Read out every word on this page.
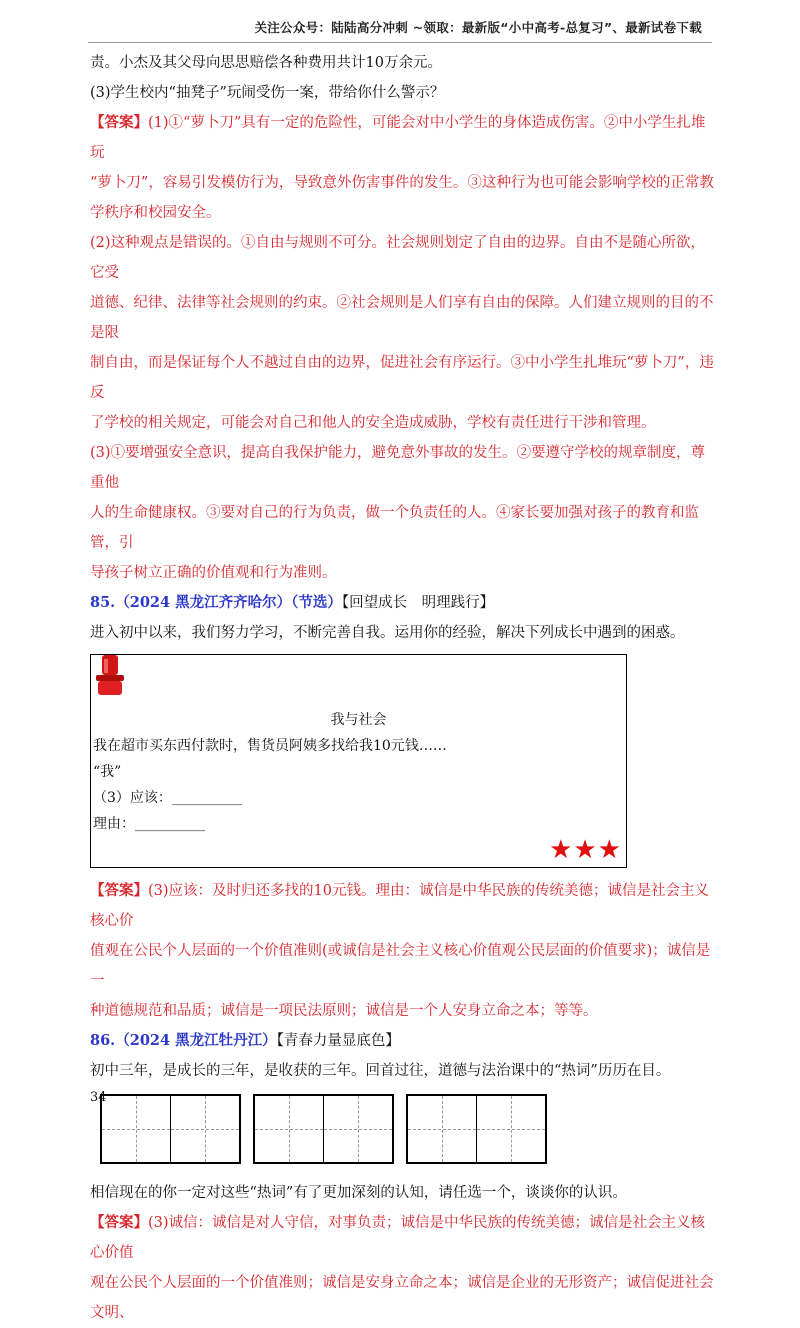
关注公众号：陆陆高分冲刺 ~领取：最新版“小中高考-总复习”、最新试卷下载

责。小杰及其父母向思思赔偿各种费用共计10万余元。

(3)学生校内“抽凳子”玩闹受伤一案，带给你什么警示？

【答案】(1)①“萝卜刀”具有一定的危险性，可能会对中小学生的身体造成伤害。②中小学生扎堆玩

“萝卜刀”，容易引发模仿行为，导致意外伤害事件的发生。③这种行为也可能会影响学校的正常教

学秩序和校园安全。

(2)这种观点是错误的。①自由与规则不可分。社会规则划定了自由的边界。自由不是随心所欲，它受

道德、纪律、法律等社会规则的约束。②社会规则是人们享有自由的保障。人们建立规则的目的不是限

制自由，而是保证每个人不越过自由的边界，促进社会有序运行。③中小学生扎堆玩“萝卜刀”，违反

了学校的相关规定，可能会对自己和他人的安全造成威胁，学校有责任进行干涉和管理。

(3)①要增强安全意识，提高自我保护能力，避免意外事故的发生。②要遵守学校的规章制度，尊重他

人的生命健康权。③要对自己的行为负责，做一个负责任的人。④家长要加强对孩子的教育和监管，引

导孩子树立正确的价值观和行为准则。

85.（2024 黑龙江齐齐哈尔）（节选）【回望成长　明理践行】

进入初中以来，我们努力学习，不断完善自我。运用你的经验，解决下列成长中遇到的困惑。

我与社会
我在超市买东西付款时，售货员阿姨多找给我10元钱……
“我”
（3）应该：__________
理由：__________
★★★

【答案】(3)应该：及时归还多找的10元钱。理由：诚信是中华民族的传统美德；诚信是社会主义核心价

值观在公民个人层面的一个价值准则(或诚信是社会主义核心价值观公民层面的价值要求)；诚信是一

种道德规范和品质；诚信是一项民法原则；诚信是一个人安身立命之本；等等。

86.（2024 黑龙江牡丹江）【青春力量显底色】

初中三年，是成长的三年，是收获的三年。回首过往，道德与法治课中的“热词”历历在目。

相信现在的你一定对这些“热词”有了更加深刻的认知，请任选一个，谈谈你的认识。

【答案】(3)诚信：诚信是对人守信，对事负责；诚信是中华民族的传统美德；诚信是社会主义核心价值

观在公民个人层面的一个价值准则；诚信是安身立命之本；诚信是企业的无形资产；诚信促进社会文明、

34
